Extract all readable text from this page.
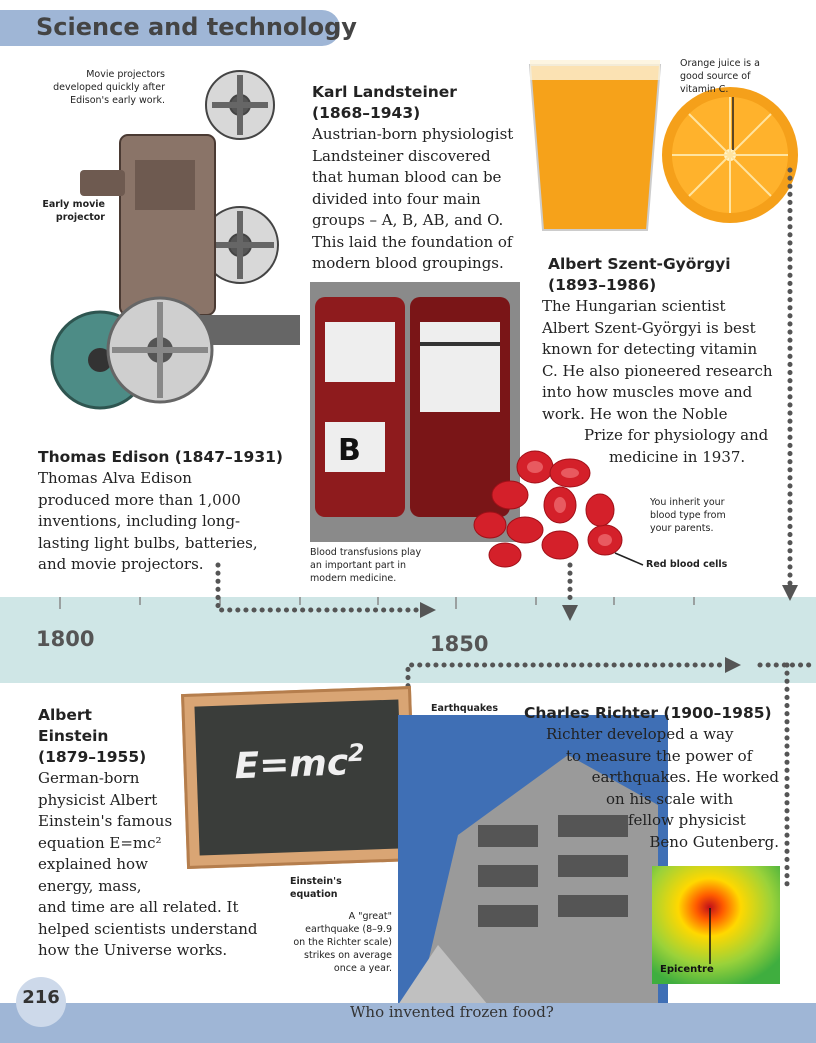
Science and technology
Movie projectors
developed quickly after
Edison's early work.
Early movie
projector
Karl Landsteiner
(1868–1943)
Austrian-born physiologist
Landsteiner discovered
that human blood can be
divided into four main
groups – A, B, AB, and O.
This laid the foundation of
modern blood groupings.
Orange juice is a
good source of
vitamin C.
Albert Szent-Györgyi
(1893–1986)
The Hungarian scientist
Albert Szent-Györgyi is best
known for detecting vitamin
C. He also pioneered research
into how muscles move and
work. He won the Noble
Prize for physiology and
medicine in 1937.
B
Blood transfusions play
an important part in
modern medicine.
You inherit your
blood type from
your parents.
Red blood cells
Thomas Edison (1847–1931)
Thomas Alva Edison
produced more than 1,000
inventions, including long-
lasting light bulbs, batteries,
and movie projectors.
1800	1850
Albert
Einstein
(1879–1955)
German-born
physicist Albert
Einstein's famous
equation E=mc²
explained how
energy, mass,
and time are all related. It
helped scientists understand
how the Universe works.
$E=mc^2$
Einstein's
equation
Earthquakes
A "great"
earthquake (8–9.9
on the Richter scale)
strikes on average
once a year.
Charles Richter (1900–1985)
Richter developed a way
to measure the power of
earthquakes. He worked
on his scale with
fellow physicist
Beno Gutenberg.
Epicentre
216
Who invented frozen food?
